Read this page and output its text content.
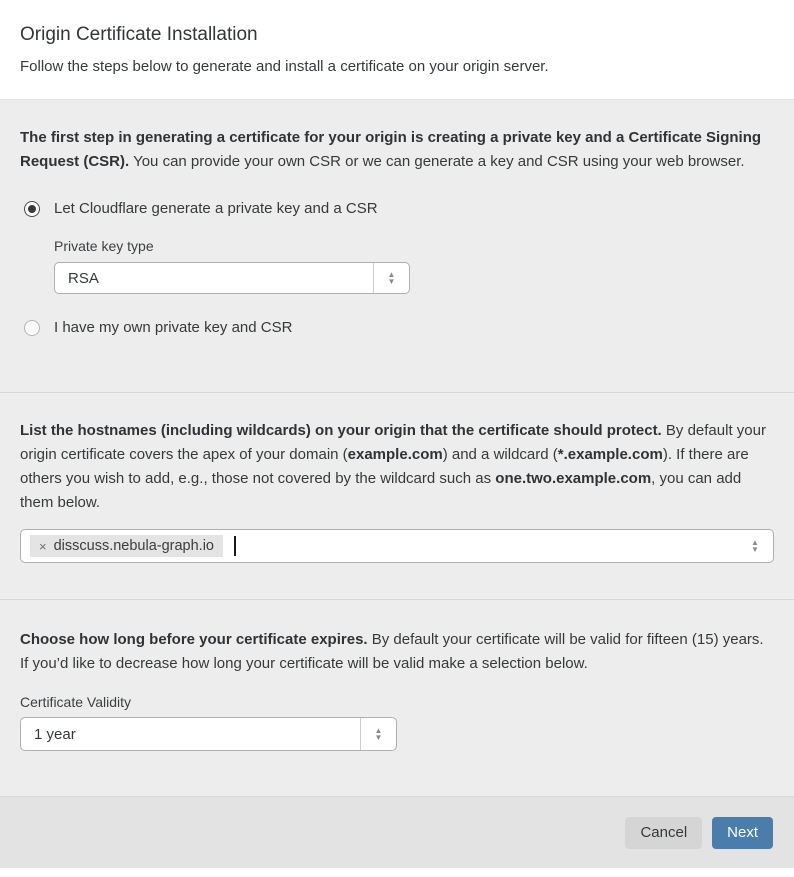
Origin Certificate Installation
Follow the steps below to generate and install a certificate on your origin server.
The first step in generating a certificate for your origin is creating a private key and a Certificate Signing Request (CSR). You can provide your own CSR or we can generate a key and CSR using your web browser.
Let Cloudflare generate a private key and a CSR
Private key type
RSA	▲
▼
I have my own private key and CSR
List the hostnames (including wildcards) on your origin that the certificate should protect. By default your origin certificate covers the apex of your domain (example.com) and a wildcard (*.example.com). If there are others you wish to add, e.g., those not covered by the wildcard such as one.two.example.com, you can add them below.
× disscuss.nebula-graph.io	▲
▼
Choose how long before your certificate expires. By default your certificate will be valid for fifteen (15) years. If you’d like to decrease how long your certificate will be valid make a selection below.
Certificate Validity
1 year	▲
▼
Cancel	Next
